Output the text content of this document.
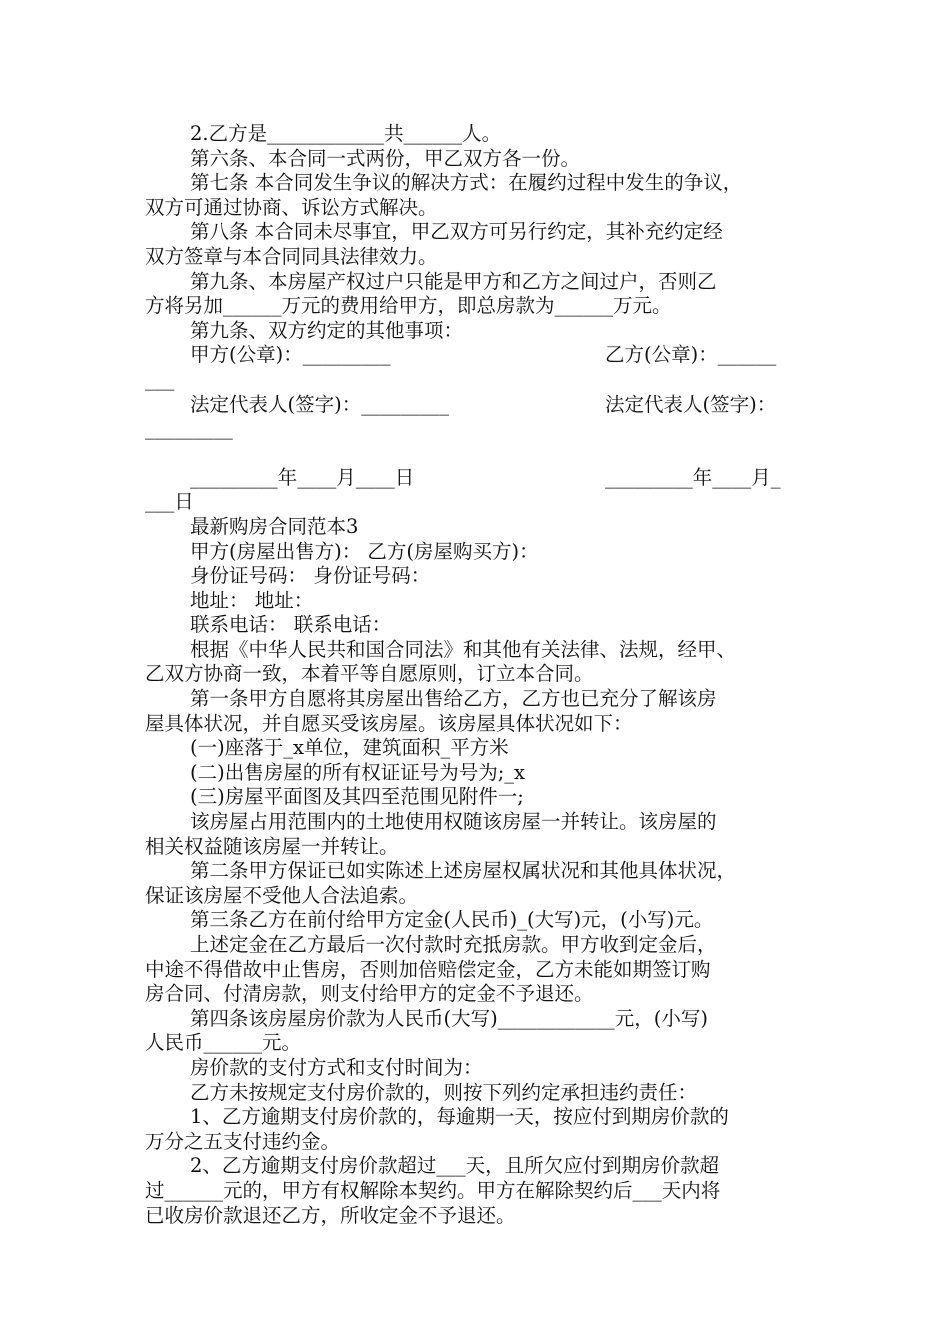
2.乙方是____________共______人。

第六条、本合同一式两份，甲乙双方各一份。

第七条 本合同发生争议的解决方式：在履约过程中发生的争议，

双方可通过协商、诉讼方式解决。

第八条 本合同未尽事宜，甲乙双方可另行约定，其补充约定经

双方签章与本合同同具法律效力。

第九条、本房屋产权过户只能是甲方和乙方之间过户，否则乙

方将另加______万元的费用给甲方，即总房款为______万元。

第九条、双方约定的其他事项：

甲方(公章)：_________

	乙方(公章)：______

___

法定代表人(签字)：_________

	法定代表人(签字)：

_________

_________年____月____日

	_________年____月_

___日

最新购房合同范本3

甲方(房屋出售方)： 乙方(房屋购买方)：

身份证号码： 身份证号码：

地址： 地址：

联系电话： 联系电话：

根据《中华人民共和国合同法》和其他有关法律、法规，经甲、

乙双方协商一致，本着平等自愿原则，订立本合同。

第一条甲方自愿将其房屋出售给乙方，乙方也已充分了解该房

屋具体状况，并自愿买受该房屋。该房屋具体状况如下：

(一)座落于_x单位，建筑面积_平方米

(二)出售房屋的所有权证证号为号为;_x

(三)房屋平面图及其四至范围见附件一;

该房屋占用范围内的土地使用权随该房屋一并转让。该房屋的

相关权益随该房屋一并转让。

第二条甲方保证已如实陈述上述房屋权属状况和其他具体状况，

保证该房屋不受他人合法追索。

第三条乙方在前付给甲方定金(人民币)_(大写)元，(小写)元。

上述定金在乙方最后一次付款时充抵房款。甲方收到定金后，

中途不得借故中止售房，否则加倍赔偿定金，乙方未能如期签订购

房合同、付清房款，则支付给甲方的定金不予退还。

第四条该房屋房价款为人民币(大写)____________元，(小写)

人民币______元。

房价款的支付方式和支付时间为：

乙方未按规定支付房价款的，则按下列约定承担违约责任：

1、乙方逾期支付房价款的，每逾期一天，按应付到期房价款的

万分之五支付违约金。

2、乙方逾期支付房价款超过___天，且所欠应付到期房价款超

过______元的，甲方有权解除本契约。甲方在解除契约后___天内将

已收房价款退还乙方，所收定金不予退还。
